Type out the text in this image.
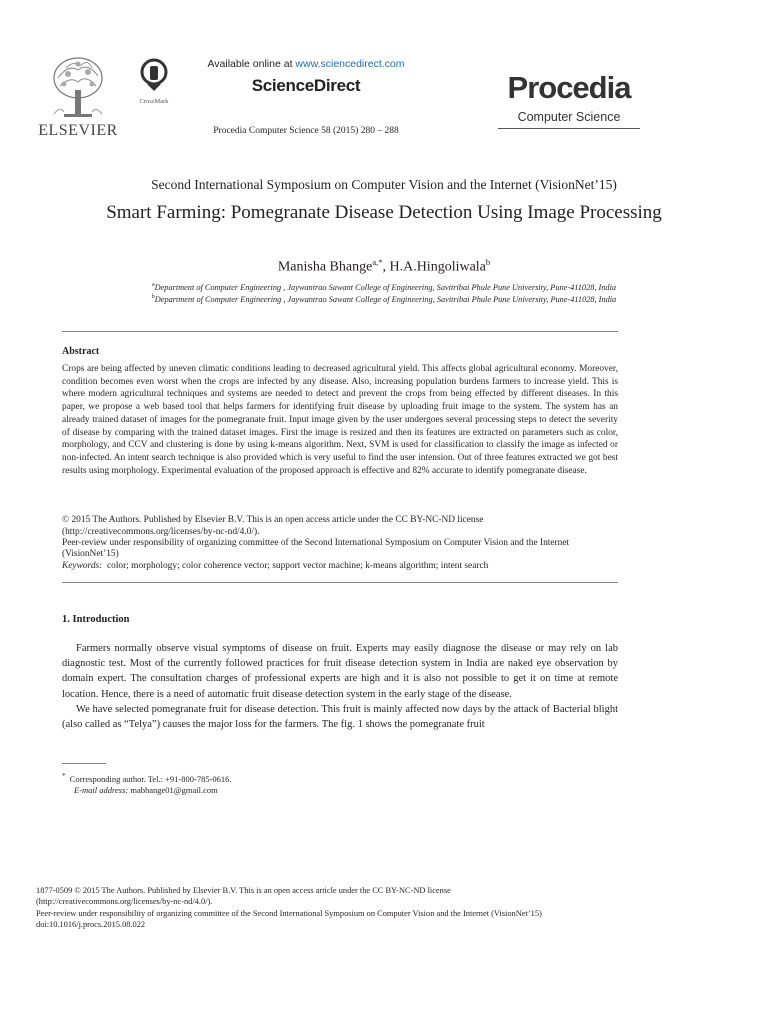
ELSEVIER
CrossMark
Available online at www.sciencedirect.com
ScienceDirect
Procedia Computer Science 58 (2015) 280 – 288
Procedia
Computer Science
Second International Symposium on Computer Vision and the Internet (VisionNet’15)
Smart Farming: Pomegranate Disease Detection Using Image Processing
Manisha Bhange$^{a,*}$, H.A.Hingoliwala$^b$
$^a$Department of Computer Engineering , Jaywantrao Sawant College of Engineering, Savitribai Phule Pune University, Pune-411028, India
$^b$Department of Computer Engineering , Jaywantrao Sawant College of Engineering, Savitribai Phule Pune University, Pune-411028, India
Abstract
Crops are being affected by uneven climatic conditions leading to decreased agricultural yield. This affects global agricultural economy. Moreover, condition becomes even worst when the crops are infected by any disease. Also, increasing population burdens farmers to increase yield. This is where modern agricultural techniques and systems are needed to detect and prevent the crops from being effected by different diseases. In this paper, we propose a web based tool that helps farmers for identifying fruit disease by uploading fruit image to the system. The system has an already trained dataset of images for the pomegranate fruit. Input image given by the user undergoes several processing steps to detect the severity of disease by comparing with the trained dataset images. First the image is resized and then its features are extracted on parameters such as color, morphology, and CCV and clustering is done by using k-means algorithm. Next, SVM is used for classification to classify the image as infected or non-infected. An intent search technique is also provided which is very useful to find the user intension. Out of three features extracted we got best results using morphology. Experimental evaluation of the proposed approach is effective and 82% accurate to identify pomegranate disease.
© 2015 The Authors. Published by Elsevier B.V. This is an open access article under the CC BY-NC-ND license
(http://creativecommons.org/licenses/by-nc-nd/4.0/).
Peer-review under responsibility of organizing committee of the Second International Symposium on Computer Vision and the Internet (VisionNet’15)
Keywords: color; morphology; color coherence vector; support vector machine; k-means algorithm; intent search
1. Introduction

Farmers normally observe visual symptoms of disease on fruit. Experts may easily diagnose the disease or may rely on lab diagnostic test. Most of the currently followed practices for fruit disease detection system in India are naked eye observation by domain expert. The consultation charges of professional experts are high and it is also not possible to get it on time at remote location. Hence, there is a need of automatic fruit disease detection system in the early stage of the disease.

We have selected pomegranate fruit for disease detection. This fruit is mainly affected now days by the attack of Bacterial blight (also called as “Telya”) causes the major loss for the farmers. The fig. 1 shows the pomegranate fruit

* Corresponding author. Tel.: +91-800-785-0616.
E-mail address: mabhange01@gmail.com
1877-0509 © 2015 The Authors. Published by Elsevier B.V. This is an open access article under the CC BY-NC-ND license
(http://creativecommons.org/licenses/by-nc-nd/4.0/).
Peer-review under responsibility of organizing committee of the Second International Symposium on Computer Vision and the Internet (VisionNet’15)
doi:10.1016/j.procs.2015.08.022
